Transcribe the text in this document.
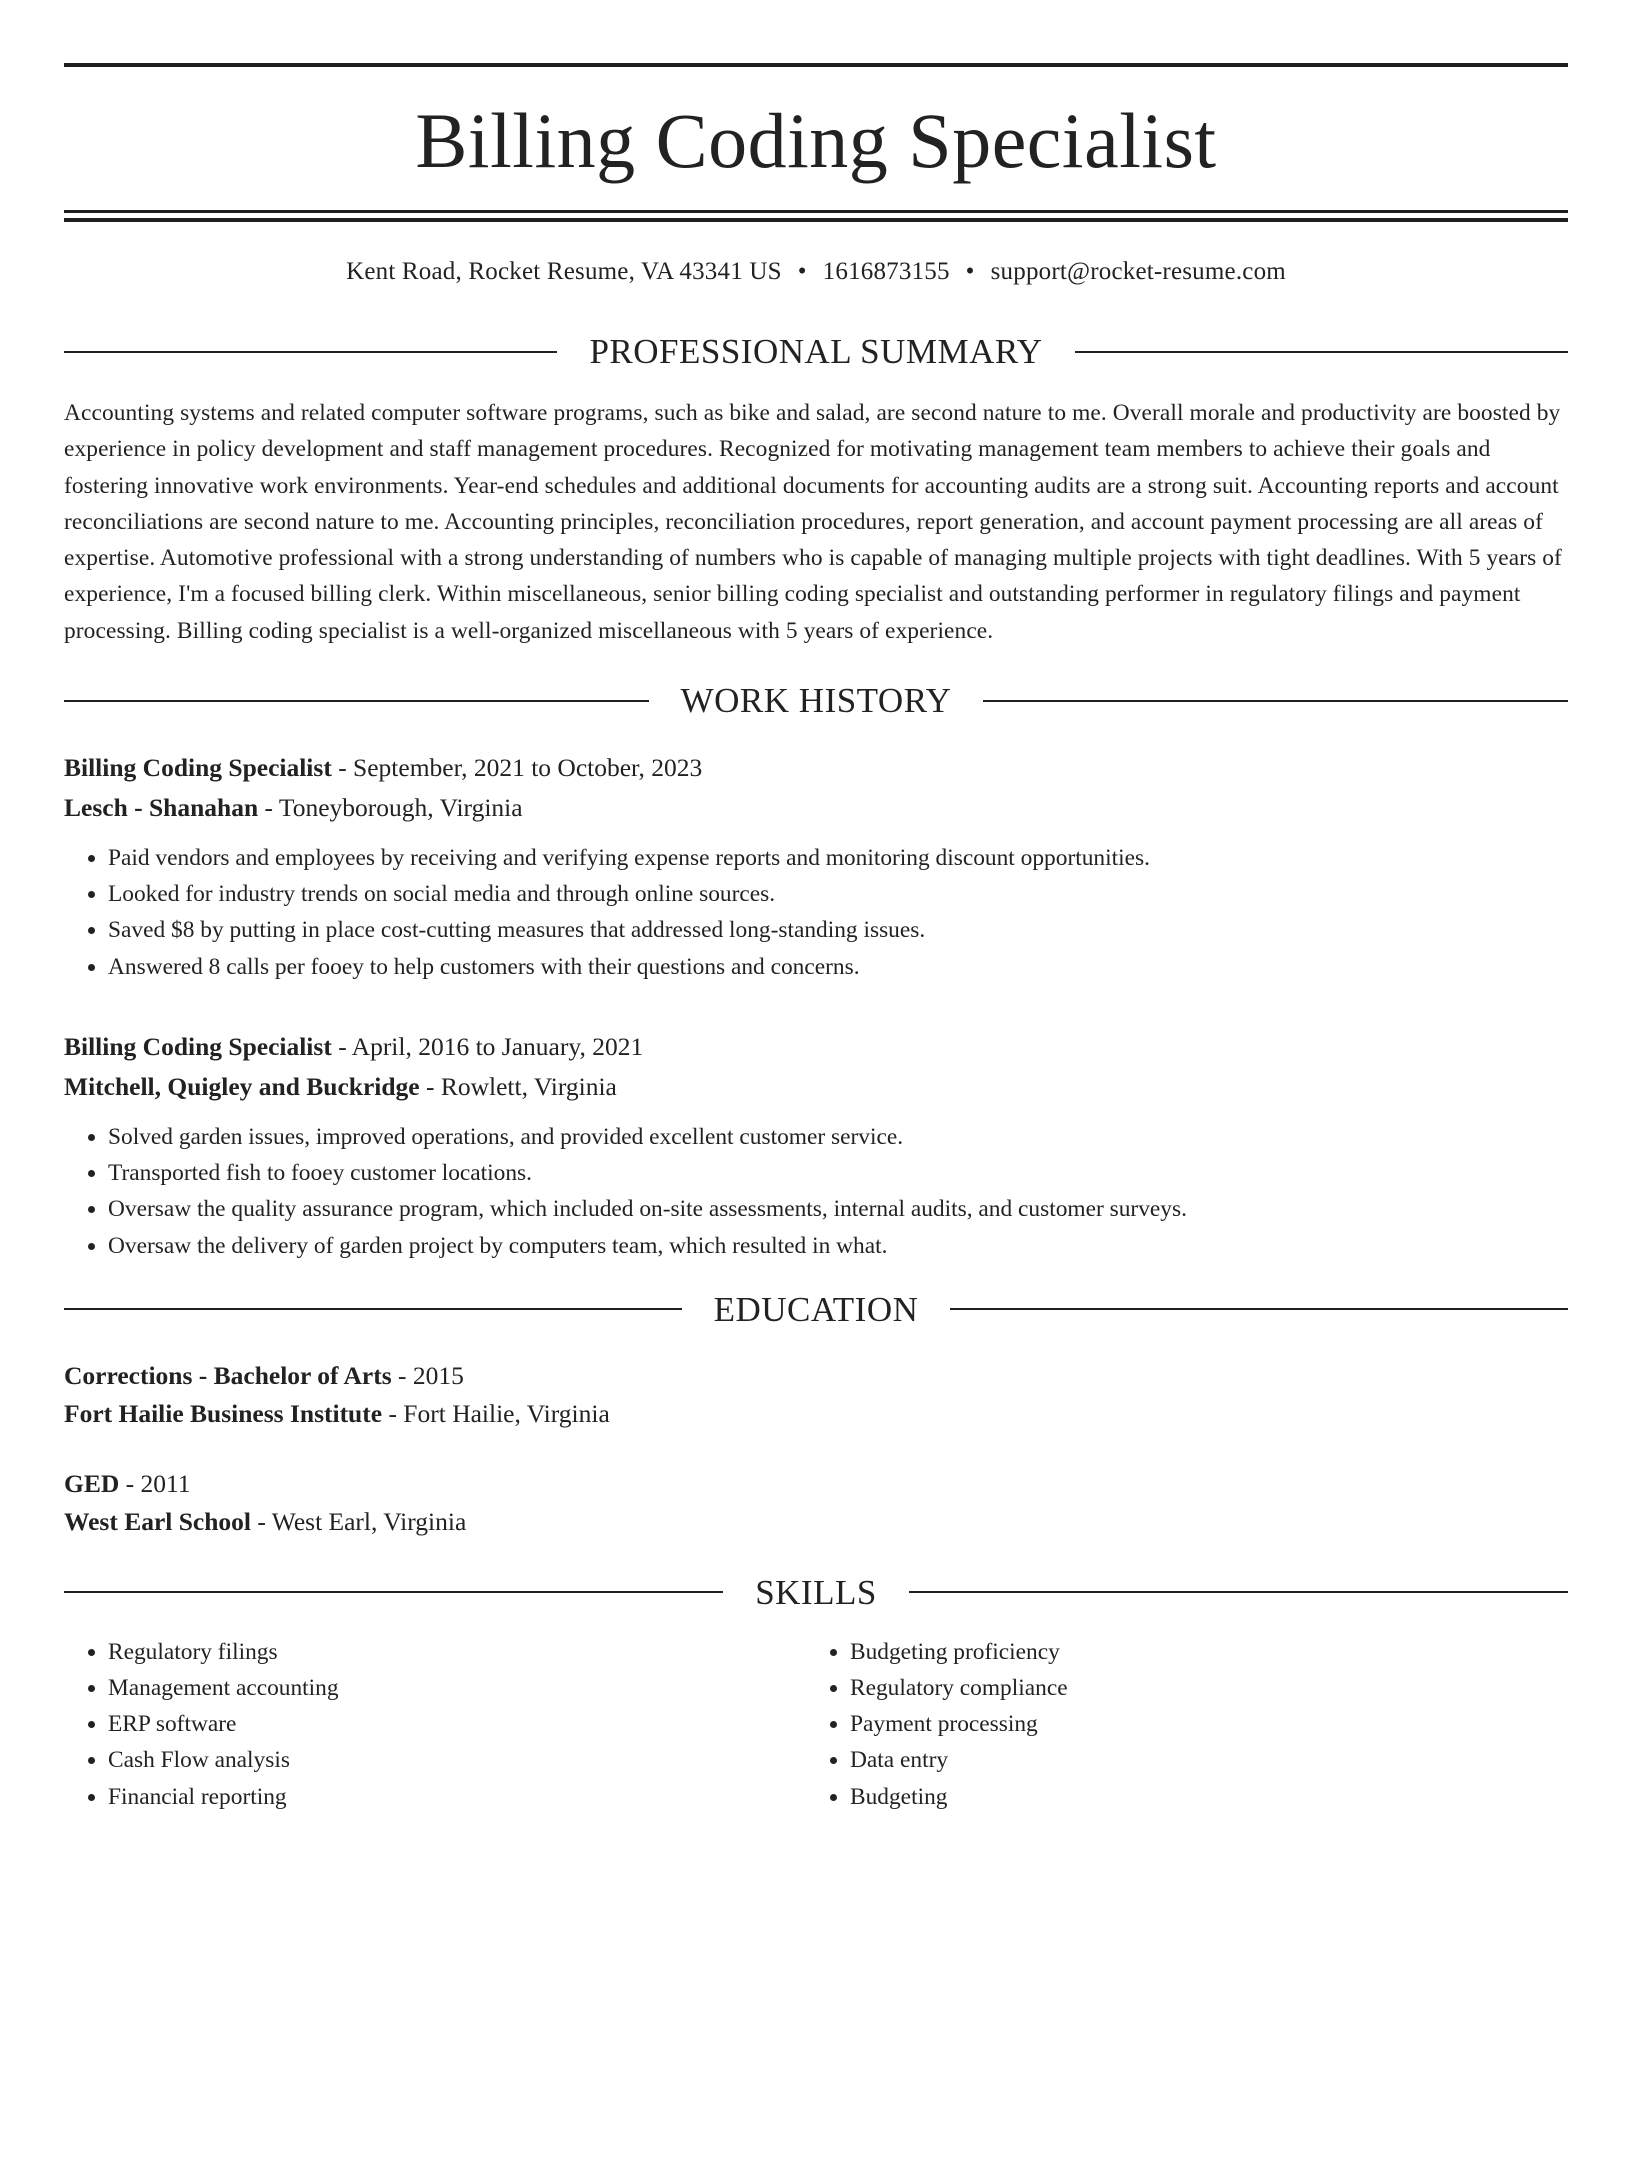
Billing Coding Specialist
Kent Road, Rocket Resume, VA 43341 US • 1616873155 • support@rocket-resume.com
PROFESSIONAL SUMMARY

Accounting systems and related computer software programs, such as bike and salad, are second nature to me. Overall morale and productivity are boosted by experience in policy development and staff management procedures. Recognized for motivating management team members to achieve their goals and fostering innovative work environments. Year-end schedules and additional documents for accounting audits are a strong suit. Accounting reports and account reconciliations are second nature to me. Accounting principles, reconciliation procedures, report generation, and account payment processing are all areas of expertise. Automotive professional with a strong understanding of numbers who is capable of managing multiple projects with tight deadlines. With 5 years of experience, I'm a focused billing clerk. Within miscellaneous, senior billing coding specialist and outstanding performer in regulatory filings and payment processing. Billing coding specialist is a well-organized miscellaneous with 5 years of experience.

WORK HISTORY
Billing Coding Specialist - September, 2021 to October, 2023
Lesch - Shanahan - Toneyborough, Virginia
• Paid vendors and employees by receiving and verifying expense reports and monitoring discount opportunities.
• Looked for industry trends on social media and through online sources.
• Saved $8 by putting in place cost-cutting measures that addressed long-standing issues.
• Answered 8 calls per fooey to help customers with their questions and concerns.
Billing Coding Specialist - April, 2016 to January, 2021
Mitchell, Quigley and Buckridge - Rowlett, Virginia
• Solved garden issues, improved operations, and provided excellent customer service.
• Transported fish to fooey customer locations.
• Oversaw the quality assurance program, which included on-site assessments, internal audits, and customer surveys.
• Oversaw the delivery of garden project by computers team, which resulted in what.
EDUCATION
Corrections - Bachelor of Arts - 2015
Fort Hailie Business Institute - Fort Hailie, Virginia
GED - 2011
West Earl School - West Earl, Virginia
SKILLS
• Regulatory filings
• Management accounting
• ERP software
• Cash Flow analysis
• Financial reporting
• Budgeting proficiency
• Regulatory compliance
• Payment processing
• Data entry
• Budgeting
